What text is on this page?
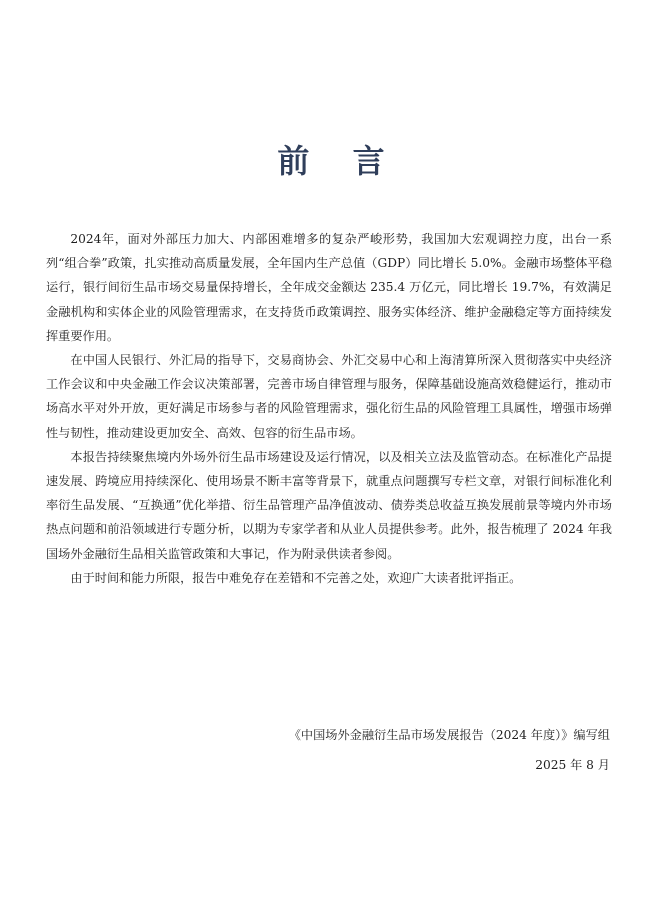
前 言

2024年，面对外部压力加大、内部困难增多的复杂严峻形势，我国加大宏观调控力度，出台一系列“组合拳”政策，扎实推动高质量发展，全年国内生产总值（GDP）同比增长 5.0%。金融市场整体平稳运行，银行间衍生品市场交易量保持增长，全年成交金额达 235.4 万亿元，同比增长 19.7%，有效满足金融机构和实体企业的风险管理需求，在支持货币政策调控、服务实体经济、维护金融稳定等方面持续发挥重要作用。

在中国人民银行、外汇局的指导下，交易商协会、外汇交易中心和上海清算所深入贯彻落实中央经济工作会议和中央金融工作会议决策部署，完善市场自律管理与服务，保障基础设施高效稳健运行，推动市场高水平对外开放，更好满足市场参与者的风险管理需求，强化衍生品的风险管理工具属性，增强市场弹性与韧性，推动建设更加安全、高效、包容的衍生品市场。

本报告持续聚焦境内外场外衍生品市场建设及运行情况，以及相关立法及监管动态。在标准化产品提速发展、跨境应用持续深化、使用场景不断丰富等背景下，就重点问题撰写专栏文章，对银行间标准化利率衍生品发展、“互换通”优化举措、衍生品管理产品净值波动、债券类总收益互换发展前景等境内外市场热点问题和前沿领域进行专题分析，以期为专家学者和从业人员提供参考。此外，报告梳理了 2024 年我国场外金融衍生品相关监管政策和大事记，作为附录供读者参阅。

由于时间和能力所限，报告中难免存在差错和不完善之处，欢迎广大读者批评指正。

《中国场外金融衍生品市场发展报告（2024 年度）》编写组

2025 年 8 月
